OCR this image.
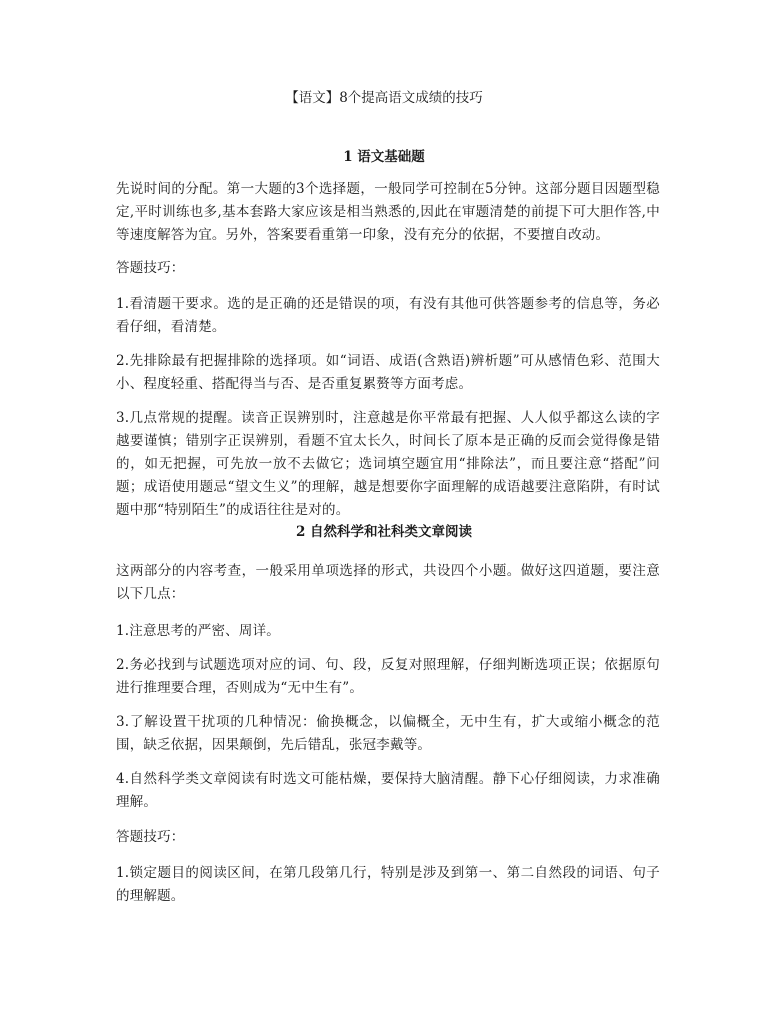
【语文】8个提高语文成绩的技巧
1 语文基础题
先说时间的分配。第一大题的3个选择题，一般同学可控制在5分钟。这部分题目因题型稳定,平时训练也多,基本套路大家应该是相当熟悉的,因此在审题清楚的前提下可大胆作答,中等速度解答为宜。另外，答案要看重第一印象，没有充分的依据，不要擅自改动。
答题技巧：
1.看清题干要求。选的是正确的还是错误的项，有没有其他可供答题参考的信息等，务必看仔细，看清楚。
2.先排除最有把握排除的选择项。如“词语、成语(含熟语)辨析题”可从感情色彩、范围大小、程度轻重、搭配得当与否、是否重复累赘等方面考虑。
3.几点常规的提醒。读音正误辨别时，注意越是你平常最有把握、人人似乎都这么读的字越要谨慎；错别字正误辨别，看题不宜太长久，时间长了原本是正确的反而会觉得像是错的，如无把握，可先放一放不去做它；选词填空题宜用“排除法”，而且要注意“搭配”问题；成语使用题忌“望文生义”的理解，越是想要你字面理解的成语越要注意陷阱，有时试题中那“特别陌生”的成语往往是对的。
2 自然科学和社科类文章阅读
这两部分的内容考查，一般采用单项选择的形式，共设四个小题。做好这四道题，要注意以下几点：
1.注意思考的严密、周详。
2.务必找到与试题选项对应的词、句、段，反复对照理解，仔细判断选项正误；依据原句进行推理要合理，否则成为“无中生有”。
3.了解设置干扰项的几种情况：偷换概念，以偏概全，无中生有，扩大或缩小概念的范围，缺乏依据，因果颠倒，先后错乱，张冠李戴等。
4.自然科学类文章阅读有时选文可能枯燥，要保持大脑清醒。静下心仔细阅读，力求准确理解。
答题技巧：
1.锁定题目的阅读区间，在第几段第几行，特别是涉及到第一、第二自然段的词语、句子的理解题。
